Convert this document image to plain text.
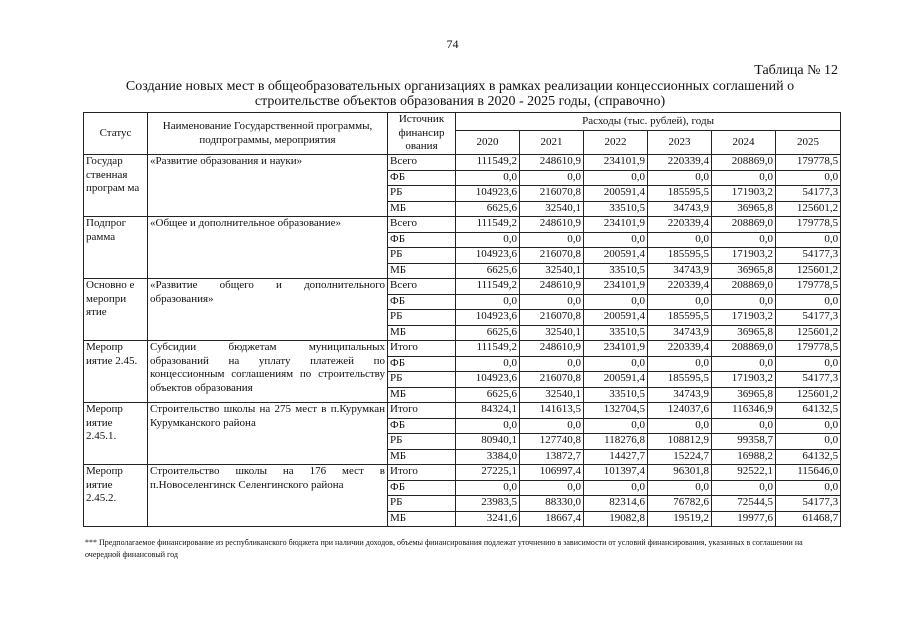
74
Таблица № 12
Создание новых мест в общеобразовательных организациях в рамках реализации концессионных соглашений о строительстве объектов образования в 2020 - 2025 годы, (справочно)
Статус	Наименование Государственной программы, подпрограммы, мероприятия	Источник финансир ования	Расходы (тыс. рублей), годы					
			2020	2021	2022	2023	2024	2025
Государ ственная програм ма	«Развитие образования и науки»	Всего	111549,2	248610,9	234101,9	220339,4	208869,0	179778,5
		ФБ	0,0	0,0	0,0	0,0	0,0	0,0
		РБ	104923,6	216070,8	200591,4	185595,5	171903,2	54177,3
		МБ	6625,6	32540,1	33510,5	34743,9	36965,8	125601,2
Подпрог рамма	«Общее и дополнительное образование»	Всего	111549,2	248610,9	234101,9	220339,4	208869,0	179778,5
		ФБ	0,0	0,0	0,0	0,0	0,0	0,0
		РБ	104923,6	216070,8	200591,4	185595,5	171903,2	54177,3
		МБ	6625,6	32540,1	33510,5	34743,9	36965,8	125601,2
Основно е меропри ятие	«Развитие общего и дополнительного образования»	Всего	111549,2	248610,9	234101,9	220339,4	208869,0	179778,5
		ФБ	0,0	0,0	0,0	0,0	0,0	0,0
		РБ	104923,6	216070,8	200591,4	185595,5	171903,2	54177,3
		МБ	6625,6	32540,1	33510,5	34743,9	36965,8	125601,2
Меропр иятие 2.45.	Субсидии бюджетам муниципальных образований на уплату платежей по концессионным соглашениям по строительству объектов образования	Итого	111549,2	248610,9	234101,9	220339,4	208869,0	179778,5
		ФБ	0,0	0,0	0,0	0,0	0,0	0,0
		РБ	104923,6	216070,8	200591,4	185595,5	171903,2	54177,3
		МБ	6625,6	32540,1	33510,5	34743,9	36965,8	125601,2
Меропр иятие 2.45.1.	Строительство школы на 275 мест в п.Курумкан Курумканского района	Итого	84324,1	141613,5	132704,5	124037,6	116346,9	64132,5
		ФБ	0,0	0,0	0,0	0,0	0,0	0,0
		РБ	80940,1	127740,8	118276,8	108812,9	99358,7	0,0
		МБ	3384,0	13872,7	14427,7	15224,7	16988,2	64132,5
Меропр иятие 2.45.2.	Строительство школы на 176 мест в п.Новоселенгинск Селенгинского района	Итого	27225,1	106997,4	101397,4	96301,8	92522,1	115646,0
		ФБ	0,0	0,0	0,0	0,0	0,0	0,0
		РБ	23983,5	88330,0	82314,6	76782,6	72544,5	54177,3
		МБ	3241,6	18667,4	19082,8	19519,2	19977,6	61468,7
*** Предполагаемое финансирование из республиканского бюджета при наличии доходов, объемы финансирования подлежат уточнению в зависимости от условий финансирования, указанных в соглашении на очередной финансовый год
